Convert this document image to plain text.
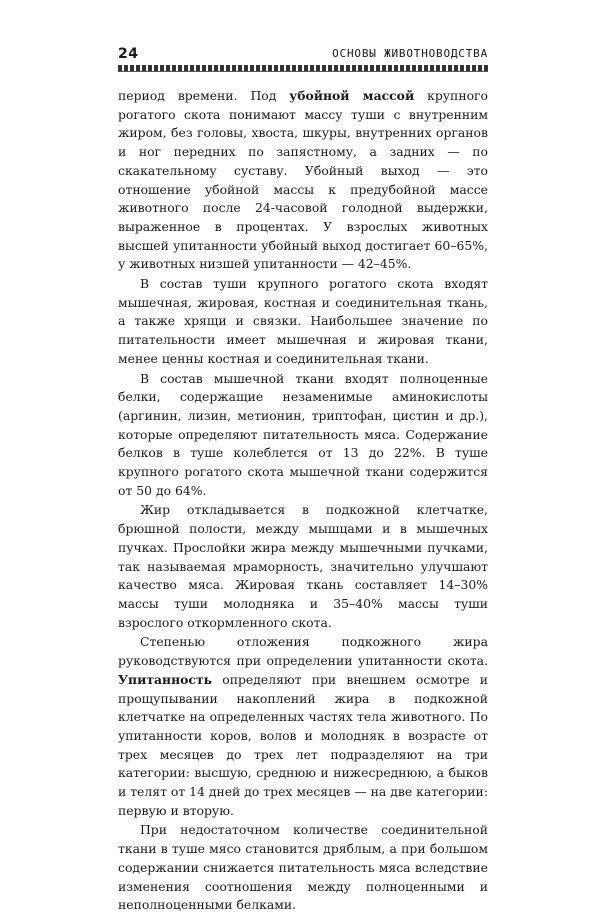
24	ОСНОВЫ ЖИВОТНОВОДСТВА

период времени. Под убойной массой крупного рогатого скота понимают массу туши с внутренним жиром, без головы, хвоста, шкуры, внутренних органов и ног передних по запястному, а задних — по скакательному суставу. Убойный выход — это отношение убойной массы к предубойной массе животного после 24-часовой голодной выдержки, выраженное в процентах. У взрослых животных высшей упитанности убойный выход достигает 60–65%, у животных низшей упитанности — 42–45%.

В состав туши крупного рогатого скота входят мышечная, жировая, костная и соединительная ткань, а также хрящи и связки. Наибольшее значение по питательности имеет мышечная и жировая ткани, менее ценны костная и соединительная ткани.

В состав мышечной ткани входят полноценные белки, содержащие незаменимые аминокислоты (аргинин, лизин, метионин, триптофан, цистин и др.), которые определяют питательность мяса. Содержание белков в туше колеблется от 13 до 22%. В туше крупного рогатого скота мышечной ткани содержится от 50 до 64%.

Жир откладывается в подкожной клетчатке, брюшной полости, между мышцами и в мышечных пучках. Прослойки жира между мышечными пучками, так называемая мраморность, значительно улучшают качество мяса. Жировая ткань составляет 14–30% массы туши молодняка и 35–40% массы туши взрослого откормленного скота.

Степенью отложения подкожного жира руководствуются при определении упитанности скота. Упитанность определяют при внешнем осмотре и прощупывании накоплений жира в подкожной клетчатке на определенных частях тела животного. По упитанности коров, волов и молодняк в возрасте от трех месяцев до трех лет подразделяют на три категории: высшую, среднюю и нижесреднюю, а быков и телят от 14 дней до трех месяцев — на две категории: первую и вторую.

При недостаточном количестве соединительной ткани в туше мясо становится дряблым, а при большом содержании снижается питательность мяса вследствие изменения соотношения между полноценными и неполноценными белками.
